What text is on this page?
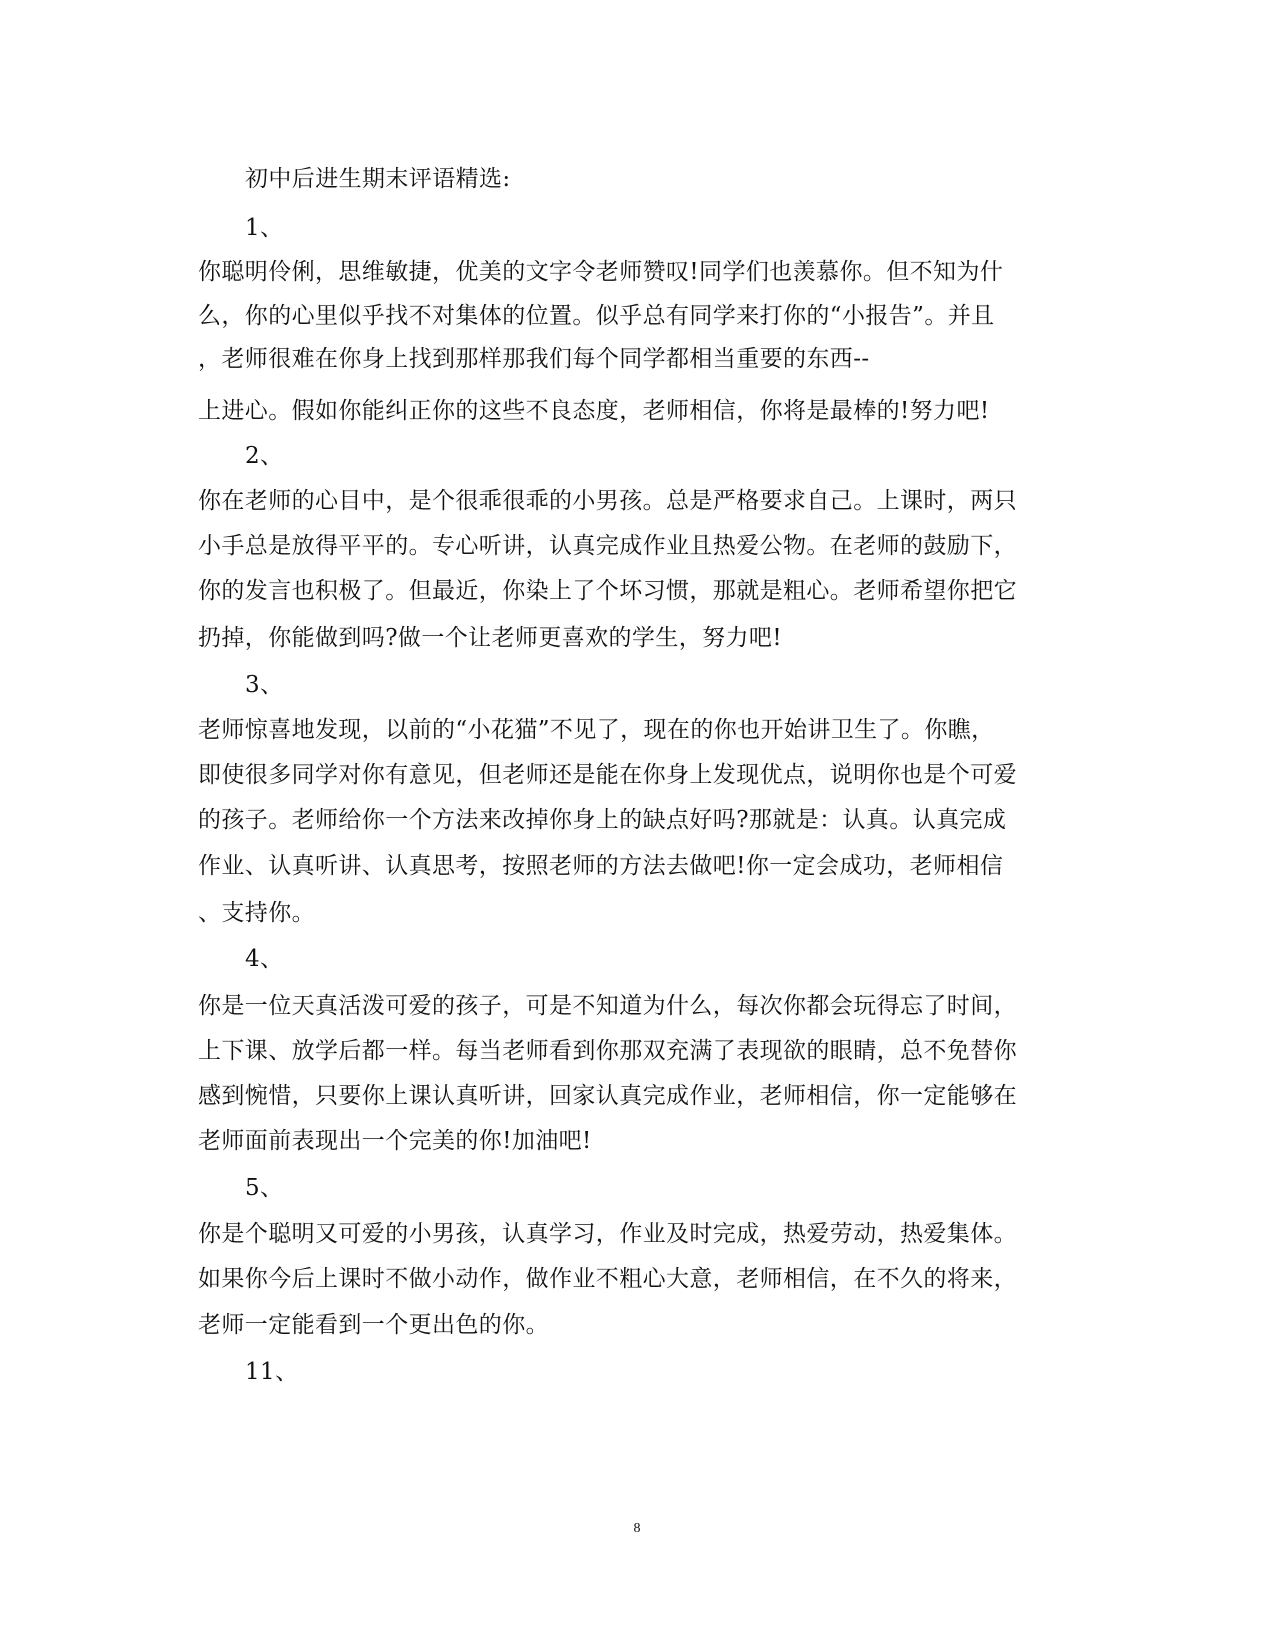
初中后进生期末评语精选:
1、
你聪明伶俐，思维敏捷，优美的文字令老师赞叹!同学们也羡慕你。但不知为什
么，你的心里似乎找不对集体的位置。似乎总有同学来打你的“小报告”。并且
，老师很难在你身上找到那样那我们每个同学都相当重要的东西--
上进心。假如你能纠正你的这些不良态度，老师相信，你将是最棒的!努力吧!
2、
你在老师的心目中，是个很乖很乖的小男孩。总是严格要求自己。上课时，两只
小手总是放得平平的。专心听讲，认真完成作业且热爱公物。在老师的鼓励下，
你的发言也积极了。但最近，你染上了个坏习惯，那就是粗心。老师希望你把它
扔掉，你能做到吗?做一个让老师更喜欢的学生，努力吧!
3、
老师惊喜地发现，以前的“小花猫”不见了，现在的你也开始讲卫生了。你瞧，
即使很多同学对你有意见，但老师还是能在你身上发现优点，说明你也是个可爱
的孩子。老师给你一个方法来改掉你身上的缺点好吗?那就是：认真。认真完成
作业、认真听讲、认真思考，按照老师的方法去做吧!你一定会成功，老师相信
、支持你。
4、
你是一位天真活泼可爱的孩子，可是不知道为什么，每次你都会玩得忘了时间，
上下课、放学后都一样。每当老师看到你那双充满了表现欲的眼睛，总不免替你
感到惋惜，只要你上课认真听讲，回家认真完成作业，老师相信，你一定能够在
老师面前表现出一个完美的你!加油吧!
5、
你是个聪明又可爱的小男孩，认真学习，作业及时完成，热爱劳动，热爱集体。
如果你今后上课时不做小动作，做作业不粗心大意，老师相信，在不久的将来，
老师一定能看到一个更出色的你。
11、
8
